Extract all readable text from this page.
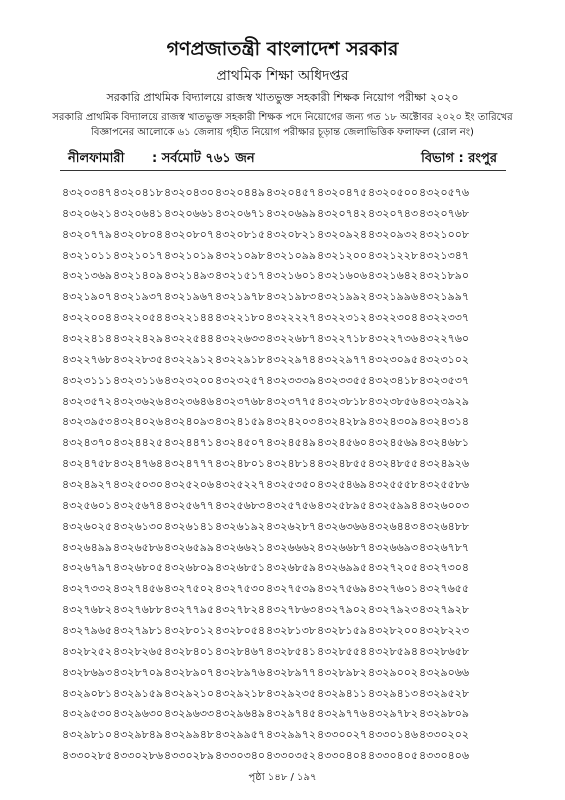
গণপ্রজাতন্ত্রী বাংলাদেশ সরকার
প্রাথমিক শিক্ষা অধিদপ্তর
সরকারি প্রাথমিক বিদ্যালয়ে রাজস্ব খাতভুক্ত সহকারী শিক্ষক নিয়োগ পরীক্ষা ২০২০
সরকারি প্রাথমিক বিদ্যালয়ে রাজস্ব খাতভুক্ত সহকারী শিক্ষক পদে নিয়োগের জন্য গত ১৮ অক্টোবর ২০২০ ইং তারিখের বিজ্ঞাপনের আলোকে ৬১ জেলায় গৃহীত নিয়োগ পরীক্ষার চূড়ান্ত জেলাভিত্তিক ফলাফল (রোল নং)
নীলফামারী : সর্বমোট ৭৬১ জন	বিভাগ : রংপুর
৪৩২০৩৪৭ ৪৩২০৪১৮ ৪৩২০৪৩০ ৪৩২০৪৪৯ ৪৩২০৪৫৭ ৪৩২০৪৭৫ ৪৩২০৫০০ ৪৩২০৫৭৬
৪৩২০৬২১ ৪৩২০৬৪১ ৪৩২০৬৬১ ৪৩২০৬৭১ ৪৩২০৬৯৯ ৪৩২০৭৪২ ৪৩২০৭৪৩ ৪৩২০৭৬৮
৪৩২০৭৭৯ ৪৩২০৮০৪ ৪৩২০৮০৭ ৪৩২০৮১৫ ৪৩২০৮২১ ৪৩২০৯২৪ ৪৩২০৯৩২ ৪৩২১০০৮
৪৩২১০১১ ৪৩২১০১৭ ৪৩২১০১৯ ৪৩২১০৯৮ ৪৩২১০৯৯ ৪৩২১২০০ ৪৩২১২২৮ ৪৩২১৩৪৭
৪৩২১৩৬৯ ৪৩২১৪০৯ ৪৩২১৪৯৩ ৪৩২১৫১৭ ৪৩২১৬০১ ৪৩২১৬০৬ ৪৩২১৬৪২ ৪৩২১৮৯০
৪৩২১৯০৭ ৪৩২১৯৩৭ ৪৩২১৯৬৭ ৪৩২১৯৭৮ ৪৩২১৯৮৩ ৪৩২১৯৯২ ৪৩২১৯৯৬ ৪৩২১৯৯৭
৪৩২২০০৪ ৪৩২২০৫৪ ৪৩২২১৪৪ ৪৩২২১৮০ ৪৩২২২২৭ ৪৩২২৩১২ ৪৩২২৩০৪ ৪৩২২৩৩৭
৪৩২২৪১৪ ৪৩২২৪২৯ ৪৩২২৫৪৪ ৪৩২২৬৩৩ ৪৩২২৬৮৭ ৪৩২২৭১৮ ৪৩২২৭৩৬ ৪৩২২৭৬০
৪৩২২৭৬৮ ৪৩২২৮৩৫ ৪৩২২৯১২ ৪৩২২৯১৮ ৪৩২২৯৭৪ ৪৩২২৯৭৭ ৪৩২৩০৯৫ ৪৩২৩১০২
৪৩২৩১১১ ৪৩২৩১১৬ ৪৩২৩২০০ ৪৩২৩২৫৭ ৪৩২৩৩৩৯ ৪৩২৩৩৫৫ ৪৩২৩৪১৮ ৪৩২৩৫৩৭
৪৩২৩৫৭২ ৪৩২৩৬২৬ ৪৩২৩৬৪৬ ৪৩২৩৭৬৮ ৪৩২৩৭৭৫ ৪৩২৩৮১৮ ৪৩২৩৮৫৬ ৪৩২৩৯২৯
৪৩২৩৯৫৩ ৪৩২৪০২৬ ৪৩২৪০৯৩ ৪৩২৪১৫৯ ৪৩২৪২০৩ ৪৩২৪২৮৯ ৪৩২৪৩০৯ ৪৩২৪৩১৪
৪৩২৪৩৭০ ৪৩২৪৪২৫ ৪৩২৪৪৭১ ৪৩২৪৫০৭ ৪৩২৪৫৪৯ ৪৩২৪৫৬০ ৪৩২৪৫৬৯ ৪৩২৪৬৮১
৪৩২৪৭৫৮ ৪৩২৪৭৬৪ ৪৩২৪৭৭৭ ৪৩২৪৮০১ ৪৩২৪৮১৪ ৪৩২৪৮৫৫ ৪৩২৪৮৫৫ ৪৩২৪৯২৬
৪৩২৪৯২৭ ৪৩২৫০৩০ ৪৩২৫২০৬ ৪৩২৫২২৭ ৪৩২৫৩৫০ ৪৩২৫৪৬৯ ৪৩২৫৫৫৮ ৪৩২৫৫৮৬
৪৩২৫৬০১ ৪৩২৫৬৭৪ ৪৩২৫৬৭৭ ৪৩২৫৬৮৩ ৪৩২৫৭৫৬ ৪৩২৫৮৯৫ ৪৩২৫৯৯৪ ৪৩২৬০০৩
৪৩২৬০২৫ ৪৩২৬১৩০ ৪৩২৬১৪১ ৪৩২৬১৯২ ৪৩২৬২৮৭ ৪৩২৬৩৬৬ ৪৩২৬৪৪৩ ৪৩২৬৪৮৮
৪৩২৬৪৯৯ ৪৩২৬৫৮৬ ৪৩২৬৫৯৯ ৪৩২৬৬২১ ৪৩২৬৬৬২ ৪৩২৬৬৮৭ ৪৩২৬৬৯৩ ৪৩২৬৭৮৭
৪৩২৬৭৯৭ ৪৩২৬৮০৫ ৪৩২৬৮০৯ ৪৩২৬৮৫১ ৪৩২৬৮৫৯ ৪৩২৬৯৯৫ ৪৩২৭২০৫ ৪৩২৭৩০৪
৪৩২৭৩৩২ ৪৩২৭৪৫৬ ৪৩২৭৫০২ ৪৩২৭৫৩০ ৪৩২৭৫৩৯ ৪৩২৭৫৬৯ ৪৩২৭৬০১ ৪৩২৭৬৫৫
৪৩২৭৬৮২ ৪৩২৭৬৮৮ ৪৩২৭৭৯৫ ৪৩২৭৮২৪ ৪৩২৭৮৬৩ ৪৩২৭৯০২ ৪৩২৭৯২৩ ৪৩২৭৯২৮
৪৩২৭৯৬৫ ৪৩২৭৯৮১ ৪৩২৮০১২ ৪৩২৮০৫৪ ৪৩২৮১৩৮ ৪৩২৮১৫৯ ৪৩২৮২০০ ৪৩২৮২২৩
৪৩২৮২৫২ ৪৩২৮২৬৫ ৪৩২৮৪০১ ৪৩২৮৪৬৭ ৪৩২৮৫৪১ ৪৩২৮৫৫৪ ৪৩২৮৫৯৪ ৪৩২৮৬৫৮
৪৩২৮৬৯৩ ৪৩২৮৭০৯ ৪৩২৮৯০৭ ৪৩২৮৯৭৬ ৪৩২৮৯৭৭ ৪৩২৮৯৮২ ৪৩২৯০০২ ৪৩২৯০৬৬
৪৩২৯০৮১ ৪৩২৯১৫৯ ৪৩২৯২১০ ৪৩২৯২১৮ ৪৩২৯২৩৫ ৪৩২৯৪১১ ৪৩২৯৪১৩ ৪৩২৯৫২৮
৪৩২৯৫৩০ ৪৩২৯৬৩০ ৪৩২৯৬৩৩ ৪৩২৯৬৪৯ ৪৩২৯৭৪৫ ৪৩২৯৭৭৬ ৪৩২৯৭৮২ ৪৩২৯৮০৯
৪৩২৯৮১০ ৪৩২৯৮৪৯ ৪৩২৯৯৪৮ ৪৩২৯৯৫৭ ৪৩২৯৯৭২ ৪৩৩০০২৭ ৪৩৩০১৪৬ ৪৩৩০২০২
৪৩৩০২৮৫ ৪৩৩০২৮৬ ৪৩৩০২৮৯ ৪৩৩০৩৪০ ৪৩৩০৩৫২ ৪৩৩০৪০৪ ৪৩৩০৪০৫ ৪৩৩০৪০৬
পৃষ্ঠা ১৪৮ / ১৯৭
